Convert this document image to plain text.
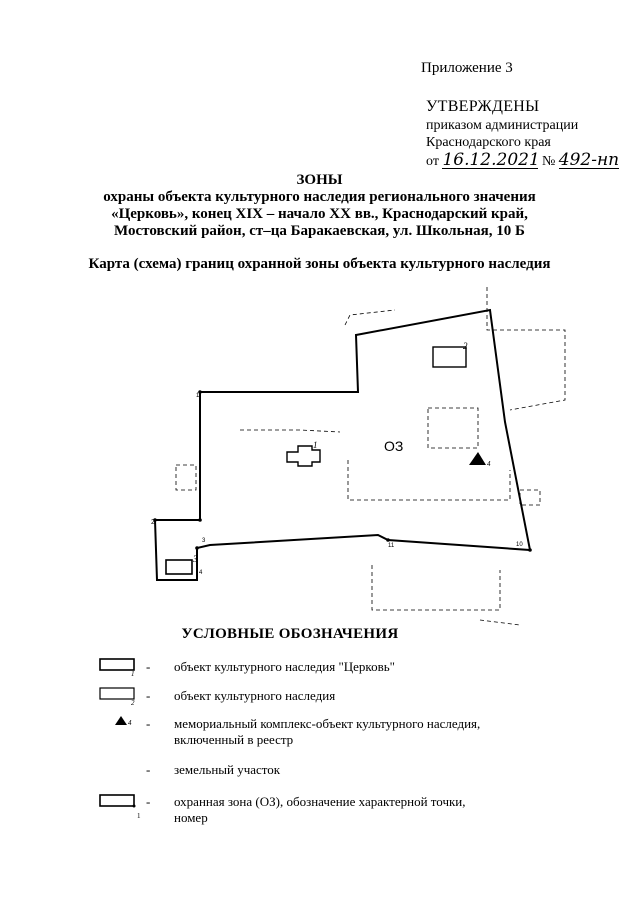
Приложение 3
УТВЕРЖДЕНЫ
приказом администрации
Краснодарского края
от 16.12.2021 № 492-нп
ЗОНЫ
охраны объекта культурного наследия регионального значения
«Церковь», конец XIX – начало XX вв., Краснодарский край,
Мостовский район, ст–ца Баракаевская, ул. Школьная, 10 Б
Карта (схема) границ охранной зоны объекта культурного наследия
ОЗ
1
2
3
4
1
2
3
4
10
11
УСЛОВНЫЕ ОБОЗНАЧЕНИЯ
1
2
4
1
- объект культурного наследия "Церковь"
- объект культурного наследия
- мемориальный комплекс-объект культурного наследия,
включенный в реестр
- земельный участок
- охранная зона (ОЗ), обозначение характерной точки,
номер
